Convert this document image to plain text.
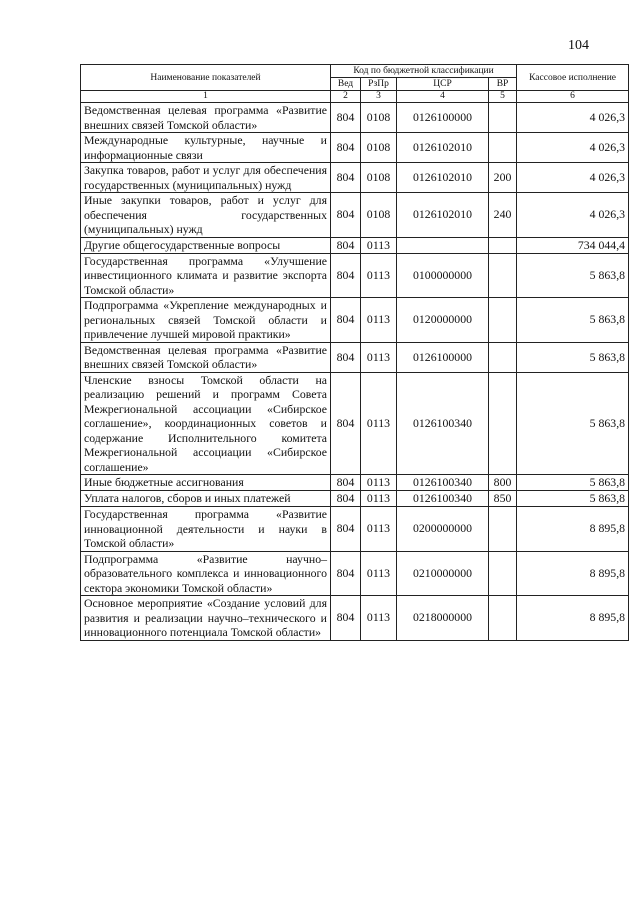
104
Наименование показателей	Код по бюджетной классификации				Кассовое исполнение
	Вед	РзПр	ЦСР	ВР	
1	2	3	4	5	6
Ведомственная целевая программа «Развитие внешних связей Томской области»	804	0108	0126100000		4 026,3
Международные культурные, научные и информационные связи	804	0108	0126102010		4 026,3
Закупка товаров, работ и услуг для обеспечения государственных (муниципальных) нужд	804	0108	0126102010	200	4 026,3
Иные закупки товаров, работ и услуг для обеспечения государственных (муниципальных) нужд	804	0108	0126102010	240	4 026,3
Другие общегосударственные вопросы	804	0113			734 044,4
Государственная программа «Улучшение инвестиционного климата и развитие экспорта Томской области»	804	0113	0100000000		5 863,8
Подпрограмма «Укрепление международных и региональных связей Томской области и привлечение лучшей мировой практики»	804	0113	0120000000		5 863,8
Ведомственная целевая программа «Развитие внешних связей Томской области»	804	0113	0126100000		5 863,8
Членские взносы Томской области на реализацию решений и программ Совета Межрегиональной ассоциации «Сибирское соглашение», координационных советов и содержание Исполнительного комитета Межрегиональной ассоциации «Сибирское соглашение»	804	0113	0126100340		5 863,8
Иные бюджетные ассигнования	804	0113	0126100340	800	5 863,8
Уплата налогов, сборов и иных платежей	804	0113	0126100340	850	5 863,8
Государственная программа «Развитие инновационной деятельности и науки в Томской области»	804	0113	0200000000		8 895,8
Подпрограмма «Развитие научно–образовательного комплекса и инновационного сектора экономики Томской области»	804	0113	0210000000		8 895,8
Основное мероприятие «Создание условий для развития и реализации научно–технического и инновационного потенциала Томской области»	804	0113	0218000000		8 895,8
